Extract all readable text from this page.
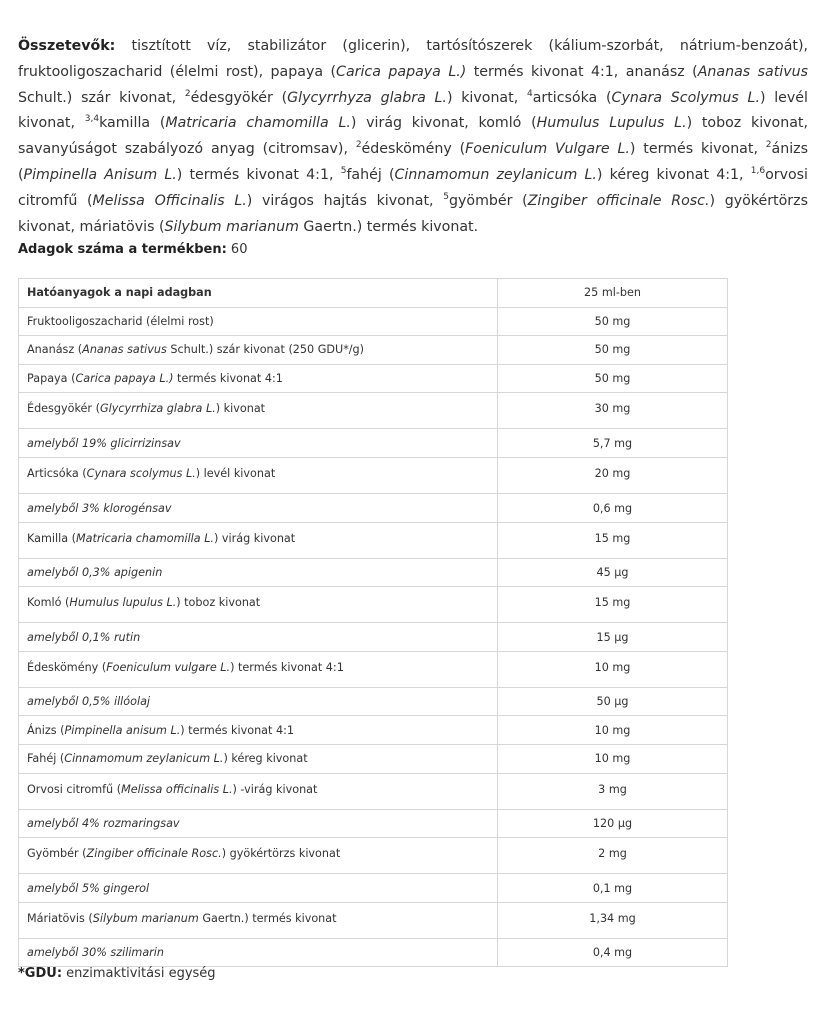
Összetevők: tisztított víz, stabilizátor (glicerin), tartósítószerek (kálium-szorbát, nátrium-benzoát), fruktooligoszacharid (élelmi rost), papaya (Carica papaya L.) termés kivonat 4:1, ananász (Ananas sativus Schult.) szár kivonat, $^2$édesgyökér (Glycyrrhyza glabra L.) kivonat, $^4$articsóka (Cynara Scolymus L.) levél kivonat, $^{3,4}$kamilla (Matricaria chamomilla L.) virág kivonat, komló (Humulus Lupulus L.) toboz kivonat, savanyúságot szabályozó anyag (citromsav), $^2$édeskömény (Foeniculum Vulgare L.) termés kivonat, $^2$ánizs (Pimpinella Anisum L.) termés kivonat 4:1, $^5$fahéj (Cinnamomun zeylanicum L.) kéreg kivonat 4:1, $^{1,6}$orvosi citromfű (Melissa Officinalis L.) virágos hajtás kivonat, $^5$gyömbér (Zingiber officinale Rosc.) gyökértörzs kivonat, máriatövis (Silybum marianum Gaertn.) termés kivonat.

Adagok száma a termékben: 60

Hatóanyagok a napi adagban	25 ml-ben
Fruktooligoszacharid (élelmi rost)	50 mg
Ananász (Ananas sativus Schult.) szár kivonat (250 GDU*/g)	50 mg
Papaya (Carica papaya L.) termés kivonat 4:1	50 mg
Édesgyökér (Glycyrrhiza glabra L.) kivonat	30 mg
amelyből 19% glicirrizinsav	5,7 mg
Articsóka (Cynara scolymus L.) levél kivonat	20 mg
amelyből 3% klorogénsav	0,6 mg
Kamilla (Matricaria chamomilla L.) virág kivonat	15 mg
amelyből 0,3% apigenin	45 µg
Komló (Humulus lupulus L.) toboz kivonat	15 mg
amelyből 0,1% rutin	15 µg
Édeskömény (Foeniculum vulgare L.) termés kivonat 4:1	10 mg
amelyből 0,5% illóolaj	50 µg
Ánizs (Pimpinella anisum L.) termés kivonat 4:1	10 mg
Fahéj (Cinnamomum zeylanicum L.) kéreg kivonat	10 mg
Orvosi citromfű (Melissa officinalis L.) -virág kivonat	3 mg
amelyből 4% rozmaringsav	120 µg
Gyömbér (Zingiber officinale Rosc.) gyökértörzs kivonat	2 mg
amelyből 5% gingerol	0,1 mg
Máriatövis (Silybum marianum Gaertn.) termés kivonat	1,34 mg
amelyből 30% szilimarin	0,4 mg
*GDU: enzimaktivitási egység
